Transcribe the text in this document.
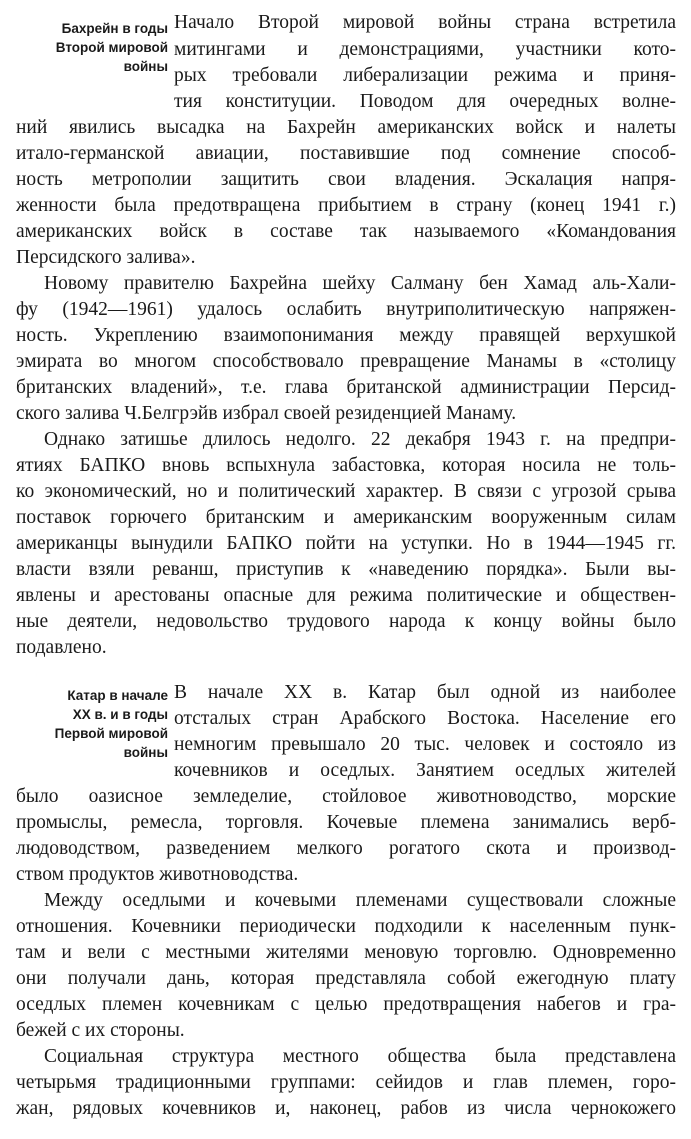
Бахрейн в годы
Второй мировой
войны
Начало Второй мировой войны страна встретила
митингами и демонстрациями, участники кото-
рых требовали либерализации режима и приня-
тия конституции. Поводом для очередных волне-
ний явились высадка на Бахрейн американских войск и налеты
итало-германской авиации, поставившие под сомнение способ-
ность метрополии защитить свои владения. Эскалация напря-
женности была предотвращена прибытием в страну (конец 1941 г.)
американских войск в составе так называемого «Командования
Персидского залива».
Новому правителю Бахрейна шейху Салману бен Хамад аль-Хали-
фу (1942—1961) удалось ослабить внутриполитическую напряжен-
ность. Укреплению взаимопонимания между правящей верхушкой
эмирата во многом способствовало превращение Манамы в «столицу
британских владений», т.е. глава британской администрации Персид-
ского залива Ч.Белгрэйв избрал своей резиденцией Манаму.
Однако затишье длилось недолго. 22 декабря 1943 г. на предпри-
ятиях БАПКО вновь вспыхнула забастовка, которая носила не толь-
ко экономический, но и политический характер. В связи с угрозой срыва
поставок горючего британским и американским вооруженным силам
американцы вынудили БАПКО пойти на уступки. Но в 1944—1945 гг.
власти взяли реванш, приступив к «наведению порядка». Были вы-
явлены и арестованы опасные для режима политические и обществен-
ные деятели, недовольство трудового народа к концу войны было
подавлено.
Катар в начале
XX в. и в годы
Первой мировой
войны
В начале XX в. Катар был одной из наиболее
отсталых стран Арабского Востока. Население его
немногим превышало 20 тыс. человек и состояло из
кочевников и оседлых. Занятием оседлых жителей
было оазисное земледелие, стойловое животноводство, морские
промыслы, ремесла, торговля. Кочевые племена занимались верб-
людоводством, разведением мелкого рогатого скота и производ-
ством продуктов животноводства.
Между оседлыми и кочевыми племенами существовали сложные
отношения. Кочевники периодически подходили к населенным пунк-
там и вели с местными жителями меновую торговлю. Одновременно
они получали дань, которая представляла собой ежегодную плату
оседлых племен кочевникам с целью предотвращения набегов и гра-
бежей с их стороны.
Социальная структура местного общества была представлена
четырьмя традиционными группами: сейидов и глав племен, горо-
жан, рядовых кочевников и, наконец, рабов из числа чернокожего
